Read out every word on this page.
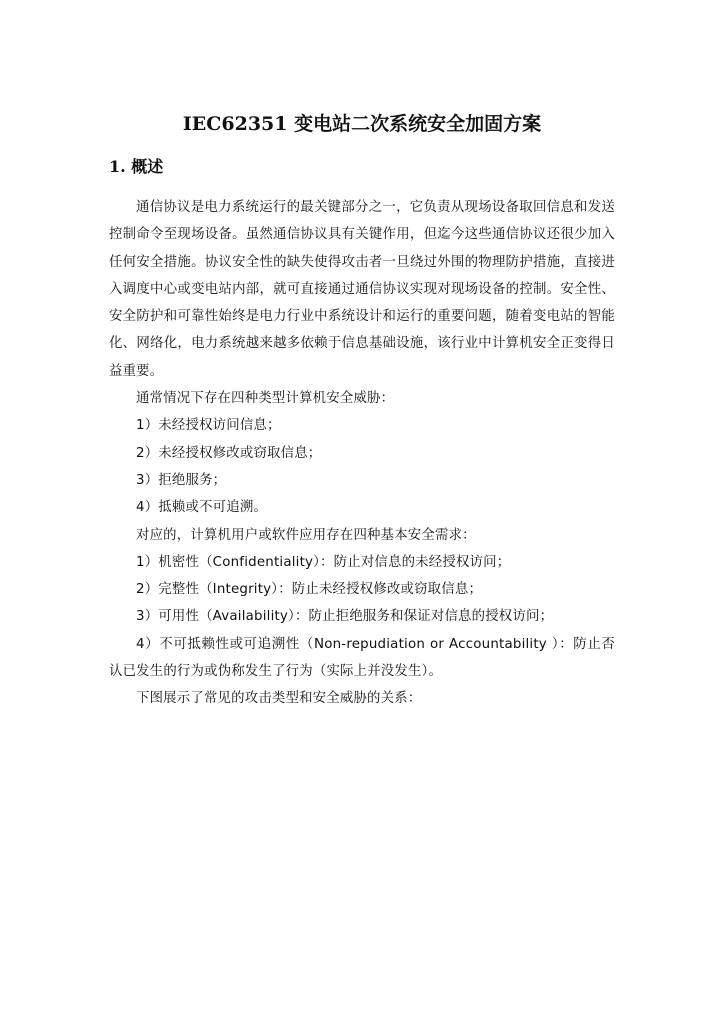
IEC62351 变电站二次系统安全加固方案
1. 概述

通信协议是电力系统运行的最关键部分之一，它负责从现场设备取回信息和发送控制命令至现场设备。虽然通信协议具有关键作用，但迄今这些通信协议还很少加入任何安全措施。协议安全性的缺失使得攻击者一旦绕过外围的物理防护措施，直接进入调度中心或变电站内部，就可直接通过通信协议实现对现场设备的控制。安全性、安全防护和可靠性始终是电力行业中系统设计和运行的重要问题，随着变电站的智能化、网络化，电力系统越来越多依赖于信息基础设施，该行业中计算机安全正变得日益重要。

通常情况下存在四种类型计算机安全威胁：

1）未经授权访问信息；

2）未经授权修改或窃取信息；

3）拒绝服务；

4）抵赖或不可追溯。

对应的，计算机用户或软件应用存在四种基本安全需求：

1）机密性（Confidentiality）：防止对信息的未经授权访问；

2）完整性（Integrity）：防止未经授权修改或窃取信息；

3）可用性（Availability）：防止拒绝服务和保证对信息的授权访问；

4）不可抵赖性或可追溯性（Non-repudiation or Accountability ）：防止否认已发生的行为或伪称发生了行为（实际上并没发生）。

下图展示了常见的攻击类型和安全威胁的关系：
